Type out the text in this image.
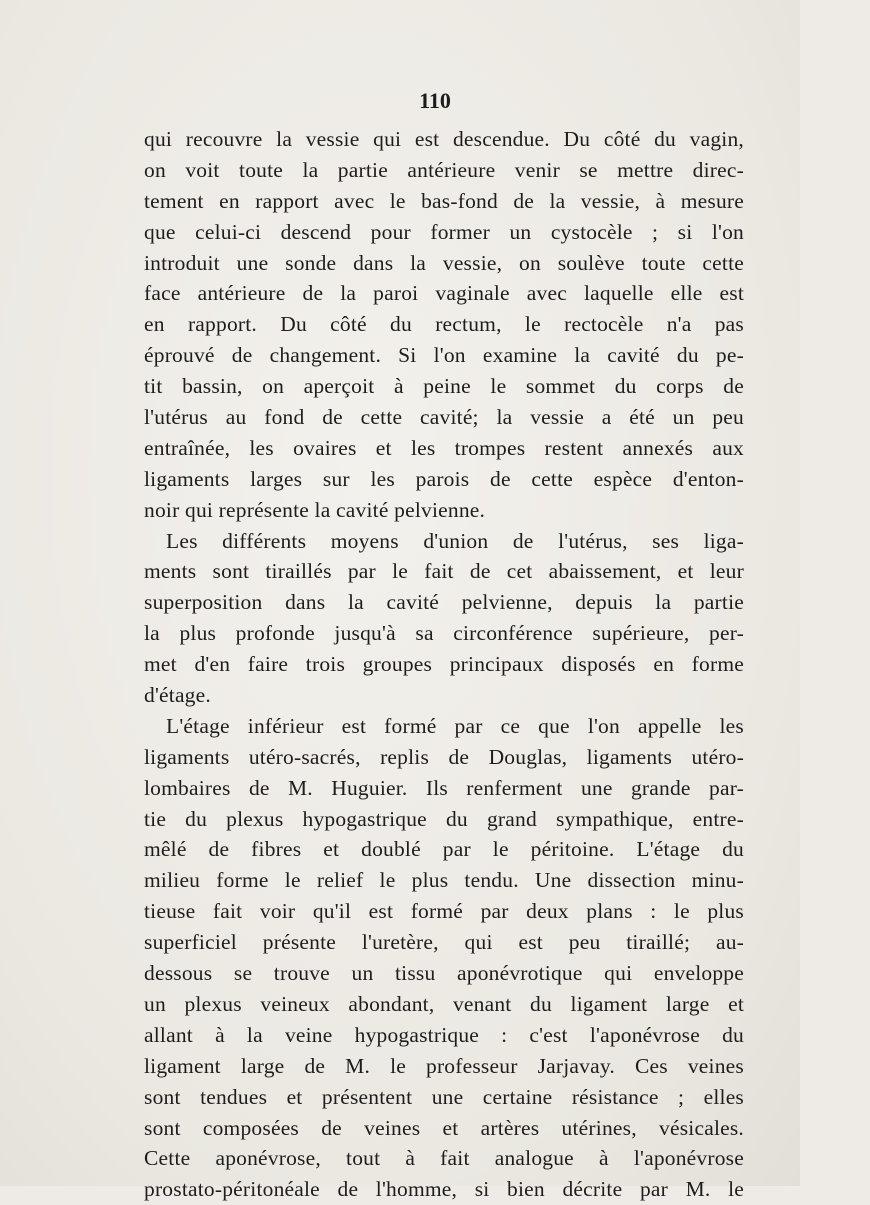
110
qui recouvre la vessie qui est descendue. Du côté du vagin,
on voit toute la partie antérieure venir se mettre direc-
tement en rapport avec le bas-fond de la vessie, à mesure
que celui-ci descend pour former un cystocèle ; si l'on
introduit une sonde dans la vessie, on soulève toute cette
face antérieure de la paroi vaginale avec laquelle elle est
en rapport. Du côté du rectum, le rectocèle n'a pas
éprouvé de changement. Si l'on examine la cavité du pe-
tit bassin, on aperçoit à peine le sommet du corps de
l'utérus au fond de cette cavité; la vessie a été un peu
entraînée, les ovaires et les trompes restent annexés aux
ligaments larges sur les parois de cette espèce d'enton-
noir qui représente la cavité pelvienne.
Les différents moyens d'union de l'utérus, ses liga-
ments sont tiraillés par le fait de cet abaissement, et leur
superposition dans la cavité pelvienne, depuis la partie
la plus profonde jusqu'à sa circonférence supérieure, per-
met d'en faire trois groupes principaux disposés en forme
d'étage.
L'étage inférieur est formé par ce que l'on appelle les
ligaments utéro-sacrés, replis de Douglas, ligaments utéro-
lombaires de M. Huguier. Ils renferment une grande par-
tie du plexus hypogastrique du grand sympathique, entre-
mêlé de fibres et doublé par le péritoine. L'étage du
milieu forme le relief le plus tendu. Une dissection minu-
tieuse fait voir qu'il est formé par deux plans : le plus
superficiel présente l'uretère, qui est peu tiraillé; au-
dessous se trouve un tissu aponévrotique qui enveloppe
un plexus veineux abondant, venant du ligament large et
allant à la veine hypogastrique : c'est l'aponévrose du
ligament large de M. le professeur Jarjavay. Ces veines
sont tendues et présentent une certaine résistance ; elles
sont composées de veines et artères utérines, vésicales.
Cette aponévrose, tout à fait analogue à l'aponévrose
prostato-péritonéale de l'homme, si bien décrite par M. le
